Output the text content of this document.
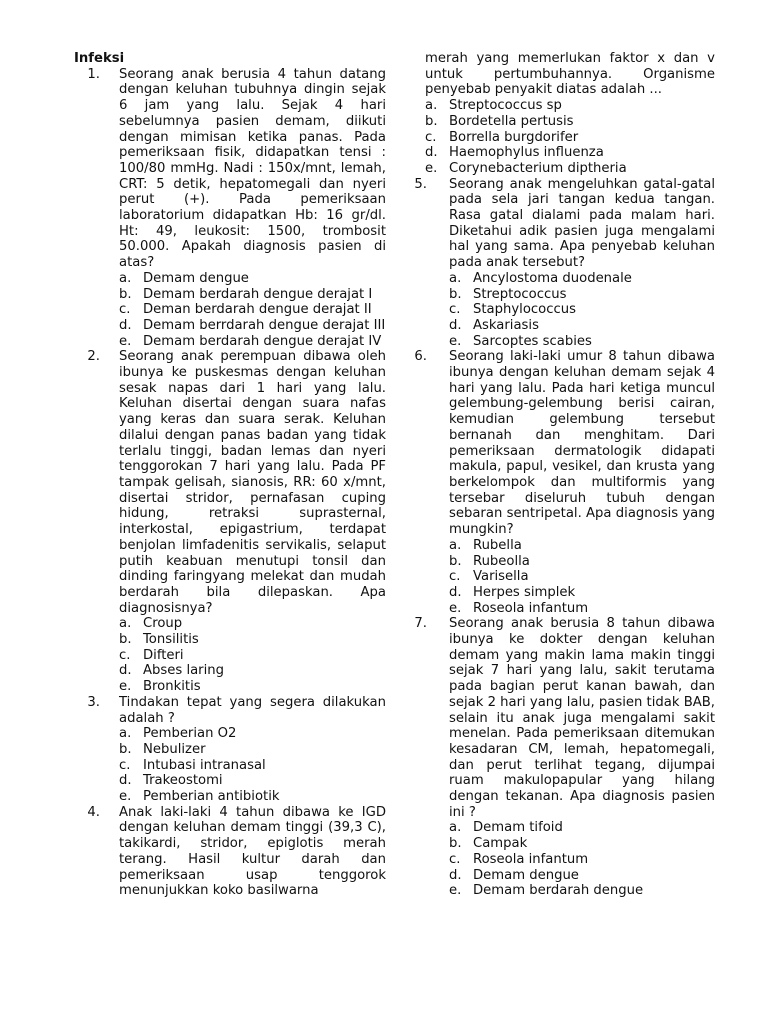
Infeksi
1. Seorang anak berusia 4 tahun datang dengan keluhan tubuhnya dingin sejak 6 jam yang lalu. Sejak 4 hari sebelumnya pasien demam, diikuti dengan mimisan ketika panas. Pada pemeriksaan fisik, didapatkan tensi : 100/80 mmHg. Nadi : 150x/mnt, lemah, CRT: 5 detik, hepatomegali dan nyeri perut (+). Pada pemeriksaan laboratorium didapatkan Hb: 16 gr/dl. Ht: 49, leukosit: 1500, trombosit 50.000. Apakah diagnosis pasien di atas?
a. Demam dengue
b. Demam berdarah dengue derajat I
c. Deman berdarah dengue derajat II
d. Demam berrdarah dengue derajat III
e. Demam berdarah dengue derajat IV
2. Seorang anak perempuan dibawa oleh ibunya ke puskesmas dengan keluhan sesak napas dari 1 hari yang lalu. Keluhan disertai dengan suara nafas yang keras dan suara serak. Keluhan dilalui dengan panas badan yang tidak terlalu tinggi, badan lemas dan nyeri tenggorokan 7 hari yang lalu. Pada PF tampak gelisah, sianosis, RR: 60 x/mnt, disertai stridor, pernafasan cuping hidung, retraksi suprasternal, interkostal, epigastrium, terdapat benjolan limfadenitis servikalis, selaput putih keabuan menutupi tonsil dan dinding faringyang melekat dan mudah berdarah bila dilepaskan. Apa diagnosisnya?
a. Croup
b. Tonsilitis
c. Difteri
d. Abses laring
e. Bronkitis
3. Tindakan tepat yang segera dilakukan adalah ?
a. Pemberian O2
b. Nebulizer
c. Intubasi intranasal
d. Trakeostomi
e. Pemberian antibiotik
4. Anak laki-laki 4 tahun dibawa ke IGD dengan keluhan demam tinggi (39,3 C), takikardi, stridor, epiglotis merah terang. Hasil kultur darah dan pemeriksaan usap tenggorok menunjukkan koko basilwarna
merah yang memerlukan faktor x dan v untuk pertumbuhannya. Organisme penyebab penyakit diatas adalah ...
a. Streptococcus sp
b. Bordetella pertusis
c. Borrella burgdorifer
d. Haemophylus influenza
e. Corynebacterium diptheria
5. Seorang anak mengeluhkan gatal-gatal pada sela jari tangan kedua tangan. Rasa gatal dialami pada malam hari. Diketahui adik pasien juga mengalami hal yang sama. Apa penyebab keluhan pada anak tersebut?
a. Ancylostoma duodenale
b. Streptococcus
c. Staphylococcus
d. Askariasis
e. Sarcoptes scabies
6. Seorang laki-laki umur 8 tahun dibawa ibunya dengan keluhan demam sejak 4 hari yang lalu. Pada hari ketiga muncul gelembung-gelembung berisi cairan, kemudian gelembung tersebut bernanah dan menghitam. Dari pemeriksaan dermatologik didapati makula, papul, vesikel, dan krusta yang berkelompok dan multiformis yang tersebar diseluruh tubuh dengan sebaran sentripetal. Apa diagnosis yang mungkin?
a. Rubella
b. Rubeolla
c. Varisella
d. Herpes simplek
e. Roseola infantum
7. Seorang anak berusia 8 tahun dibawa ibunya ke dokter dengan keluhan demam yang makin lama makin tinggi sejak 7 hari yang lalu, sakit terutama pada bagian perut kanan bawah, dan sejak 2 hari yang lalu, pasien tidak BAB, selain itu anak juga mengalami sakit menelan. Pada pemeriksaan ditemukan kesadaran CM, lemah, hepatomegali, dan perut terlihat tegang, dijumpai ruam makulopapular yang hilang dengan tekanan. Apa diagnosis pasien ini ?
a. Demam tifoid
b. Campak
c. Roseola infantum
d. Demam dengue
e. Demam berdarah dengue
